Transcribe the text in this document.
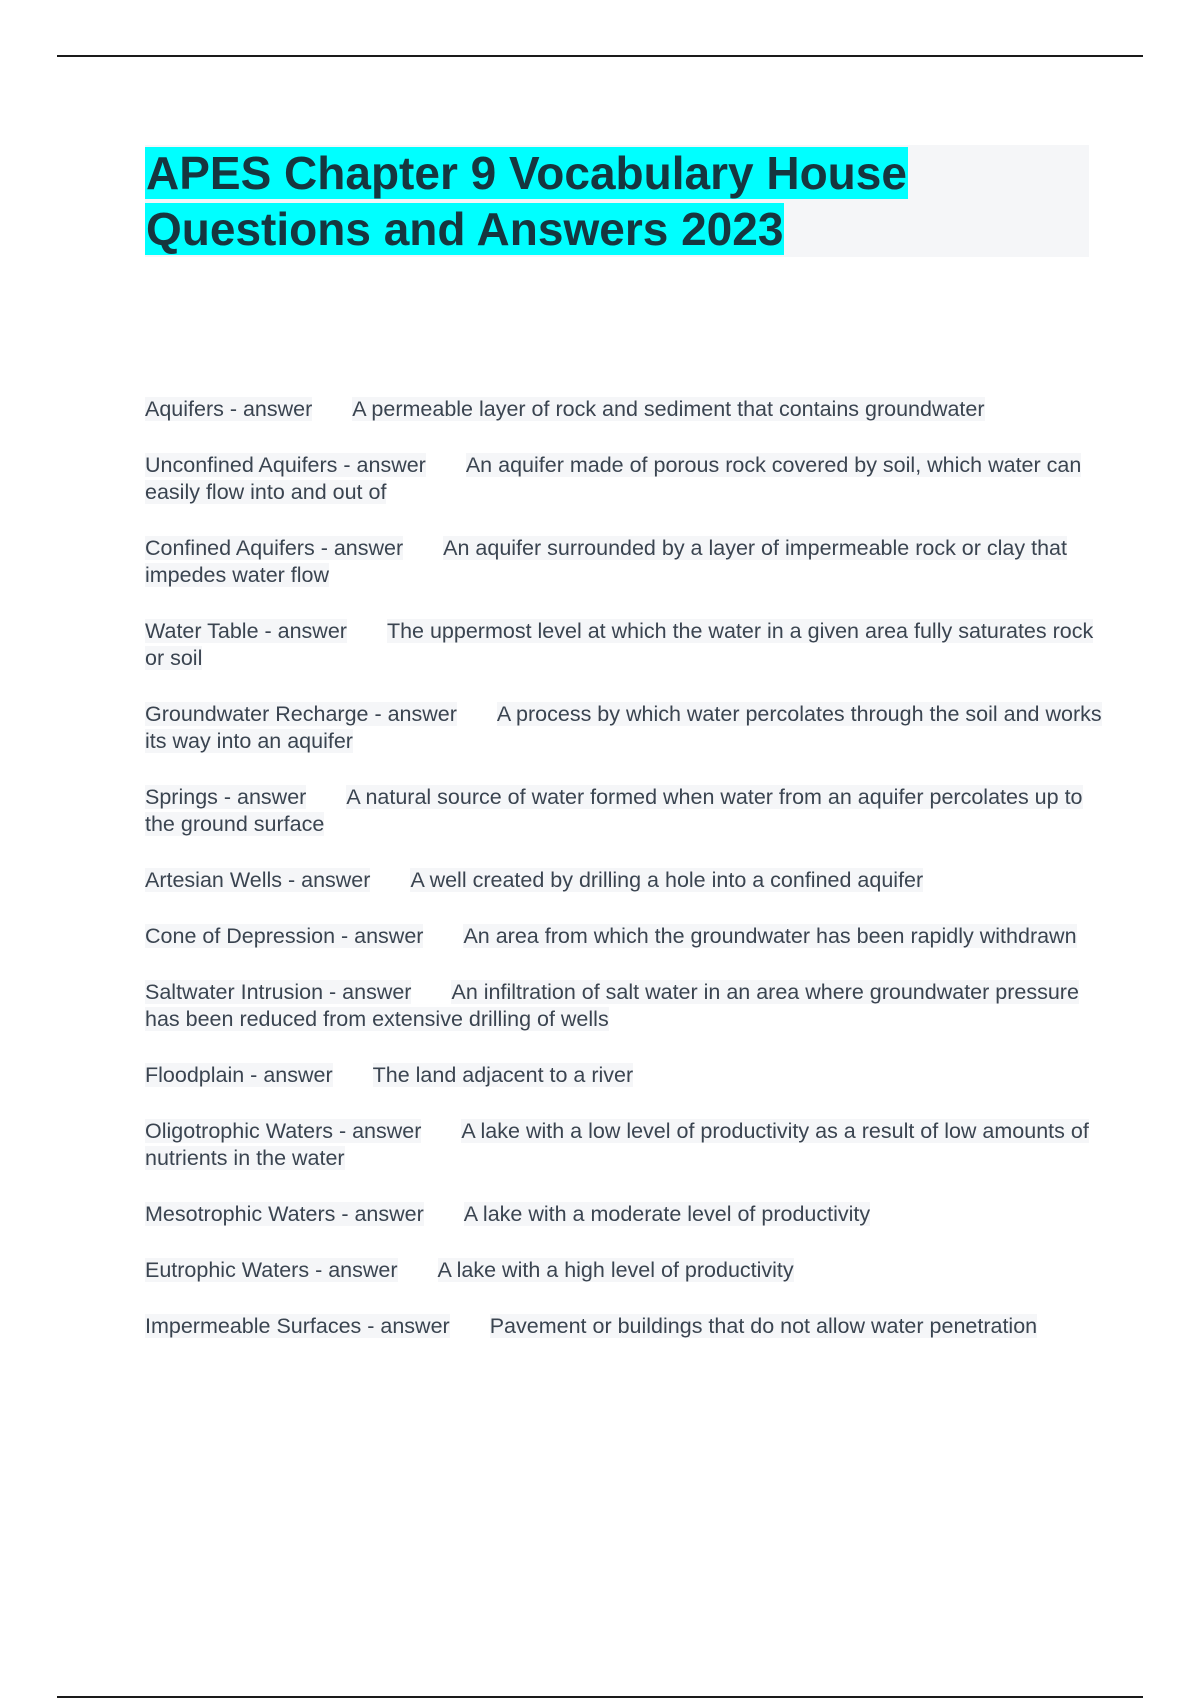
APES Chapter 9 Vocabulary House Questions and Answers 2023
Aquifers - answer A permeable layer of rock and sediment that contains groundwater
Unconfined Aquifers - answer An aquifer made of porous rock covered by soil, which water can easily flow into and out of
Confined Aquifers - answer An aquifer surrounded by a layer of impermeable rock or clay that impedes water flow
Water Table - answer The uppermost level at which the water in a given area fully saturates rock or soil
Groundwater Recharge - answer A process by which water percolates through the soil and works its way into an aquifer
Springs - answer A natural source of water formed when water from an aquifer percolates up to the ground surface
Artesian Wells - answer A well created by drilling a hole into a confined aquifer
Cone of Depression - answer An area from which the groundwater has been rapidly withdrawn
Saltwater Intrusion - answer An infiltration of salt water in an area where groundwater pressure has been reduced from extensive drilling of wells
Floodplain - answer The land adjacent to a river
Oligotrophic Waters - answer A lake with a low level of productivity as a result of low amounts of nutrients in the water
Mesotrophic Waters - answer A lake with a moderate level of productivity
Eutrophic Waters - answer A lake with a high level of productivity
Impermeable Surfaces - answer Pavement or buildings that do not allow water penetration
